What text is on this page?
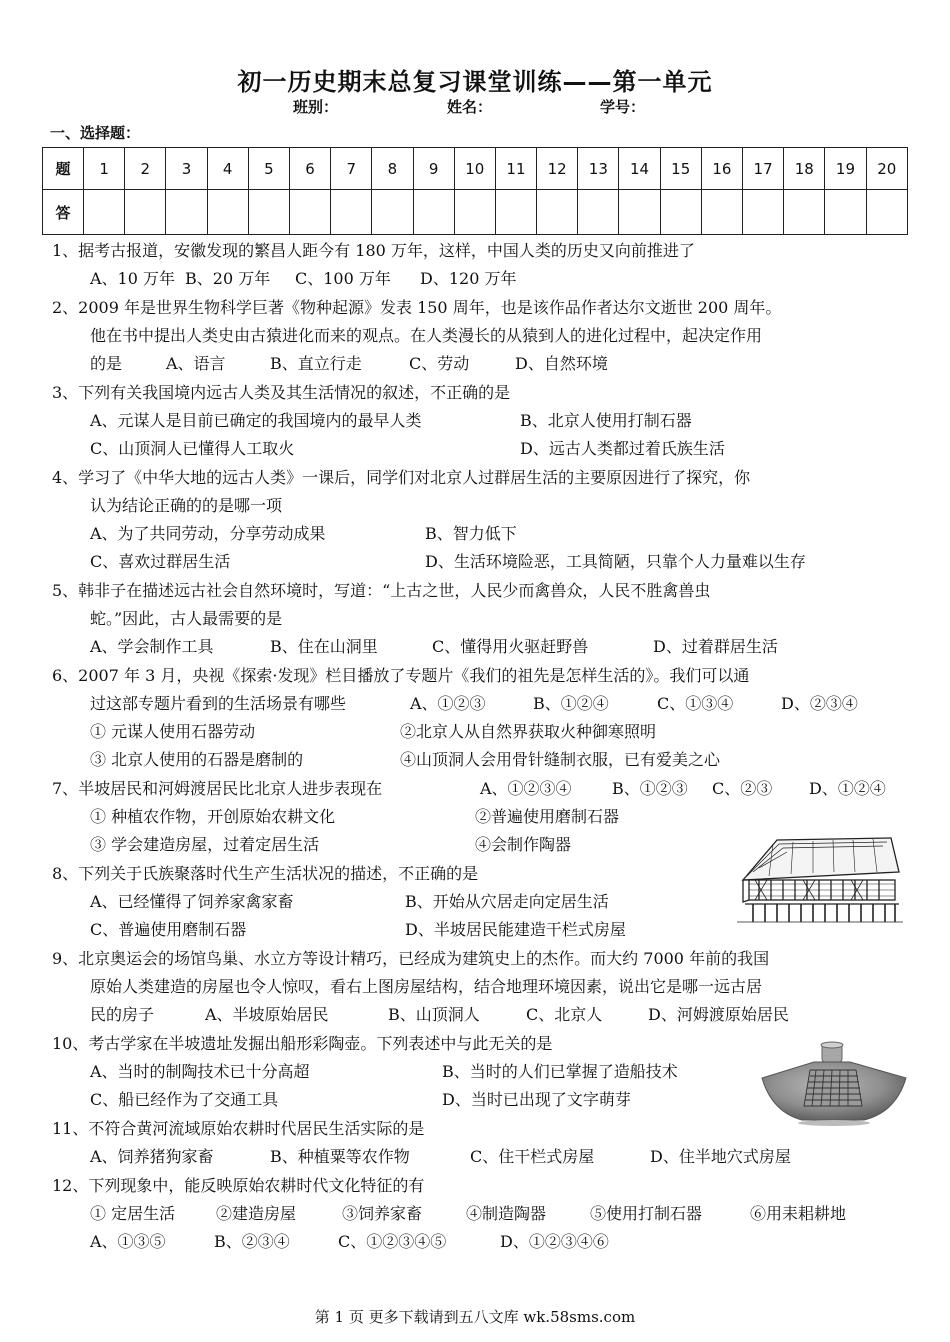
初一历史期末总复习课堂训练——第一单元
班别：	姓名：	学号：
一、选择题：
题	1	2	3	4	5	6	7	8	9	10	11	12	13	14	15	16	17	18	19	20
答																				
1、据考古报道，安徽发现的繁昌人距今有 180 万年，这样，中国人类的历史又向前推进了
A、10 万年 B、20 万年 C、100 万年 D、120 万年
2、2009 年是世界生物科学巨著《物种起源》发表 150 周年，也是该作品作者达尔文逝世 200 周年。
他在书中提出人类史由古猿进化而来的观点。在人类漫长的从猿到人的进化过程中，起决定作用
的是	A、语言	B、直立行走	C、劳动	D、自然环境
3、下列有关我国境内远古人类及其生活情况的叙述，不正确的是
A、元谋人是目前已确定的我国境内的最早人类	B、北京人使用打制石器
C、山顶洞人已懂得人工取火	D、远古人类都过着氏族生活
4、学习了《中华大地的远古人类》一课后，同学们对北京人过群居生活的主要原因进行了探究，你
认为结论正确的的是哪一项
A、为了共同劳动，分享劳动成果	B、智力低下
C、喜欢过群居生活	D、生活环境险恶，工具简陋，只靠个人力量难以生存
5、韩非子在描述远古社会自然环境时，写道：“上古之世，人民少而禽兽众，人民不胜禽兽虫
蛇。”因此，古人最需要的是
A、学会制作工具	B、住在山洞里	C、懂得用火驱赶野兽	D、过着群居生活
6、2007 年 3 月，央视《探索·发现》栏目播放了专题片《我们的祖先是怎样生活的》。我们可以通
过这部专题片看到的生活场景有哪些	A、①②③	B、①②④	C、①③④	D、②③④
① 元谋人使用石器劳动	②北京人从自然界获取火种御寒照明
③ 北京人使用的石器是磨制的	④山顶洞人会用骨针缝制衣服，已有爱美之心
7、半坡居民和河姆渡居民比北京人进步表现在	A、①②③④	B、①②③ C、②③ D、①②④
① 种植农作物，开创原始农耕文化	②普遍使用磨制石器
③ 学会建造房屋，过着定居生活	④会制作陶器
8、下列关于氏族聚落时代生产生活状况的描述，不正确的是
A、已经懂得了饲养家禽家畜	B、开始从穴居走向定居生活
C、普遍使用磨制石器	D、半坡居民能建造干栏式房屋
9、北京奥运会的场馆鸟巢、水立方等设计精巧，已经成为建筑史上的杰作。而大约 7000 年前的我国
原始人类建造的房屋也令人惊叹，看右上图房屋结构，结合地理环境因素，说出它是哪一远古居
民的房子	A、半坡原始居民	B、山顶洞人	C、北京人	D、河姆渡原始居民
10、考古学家在半坡遗址发掘出船形彩陶壶。下列表述中与此无关的是
A、当时的制陶技术已十分高超	B、当时的人们已掌握了造船技术
C、船已经作为了交通工具	D、当时已出现了文字萌芽
11、不符合黄河流域原始农耕时代居民生活实际的是
A、饲养猪狗家畜	B、种植粟等农作物	C、住干栏式房屋	D、住半地穴式房屋
12、下列现象中，能反映原始农耕时代文化特征的有
① 定居生活	②建造房屋	③饲养家畜	④制造陶器	⑤使用打制石器	⑥用耒耜耕地
A、①③⑤	B、②③④	C、①②③④⑤	D、①②③④⑥
第 1 页 更多下载请到五八文库 wk.58sms.com
